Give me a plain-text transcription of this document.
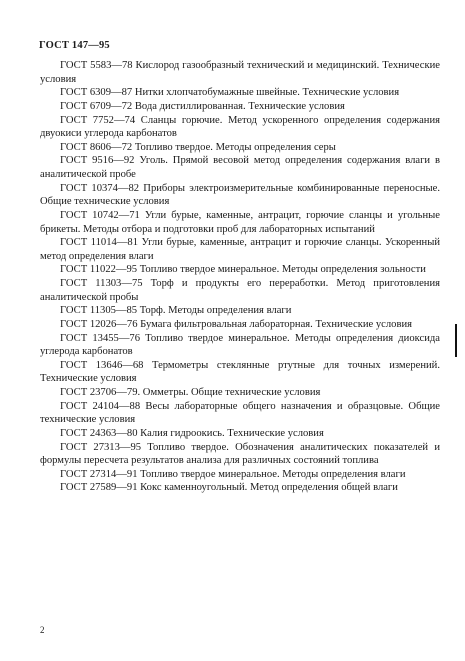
ГОСТ 147—95
ГОСТ 5583—78 Кислород газообразный технический и медицинский. Технические условия
ГОСТ 6309—87 Нитки хлопчатобумажные швейные. Технические условия
ГОСТ 6709—72 Вода дистиллированная. Технические условия
ГОСТ 7752—74 Сланцы горючие. Метод ускоренного определения содержания двуокиси углерода карбонатов
ГОСТ 8606—72 Топливо твердое. Методы определения серы
ГОСТ 9516—92 Уголь. Прямой весовой метод определения содержания влаги в аналитической пробе
ГОСТ 10374—82 Приборы электроизмерительные комбинированные переносные. Общие технические условия
ГОСТ 10742—71 Угли бурые, каменные, антрацит, горючие сланцы и угольные брикеты. Методы отбора и подготовки проб для лабораторных испытаний
ГОСТ 11014—81 Угли бурые, каменные, антрацит и горючие сланцы. Ускоренный метод определения влаги
ГОСТ 11022—95 Топливо твердое минеральное. Методы определения зольности
ГОСТ 11303—75 Торф и продукты его переработки. Метод приготовления аналитической пробы
ГОСТ 11305—85 Торф. Методы определения влаги
ГОСТ 12026—76 Бумага фильтровальная лабораторная. Технические условия
ГОСТ 13455—76 Топливо твердое минеральное. Методы определения диоксида углерода карбонатов
ГОСТ 13646—68 Термометры стеклянные ртутные для точных измерений. Технические условия
ГОСТ 23706—79. Омметры. Общие технические условия
ГОСТ 24104—88 Весы лабораторные общего назначения и образцовые. Общие технические условия
ГОСТ 24363—80 Калия гидроокись. Технические условия
ГОСТ 27313—95 Топливо твердое. Обозначения аналитических показателей и формулы пересчета результатов анализа для различных состояний топлива
ГОСТ 27314—91 Топливо твердое минеральное. Методы определения влаги
ГОСТ 27589—91 Кокс каменноугольный. Метод определения общей влаги
2
